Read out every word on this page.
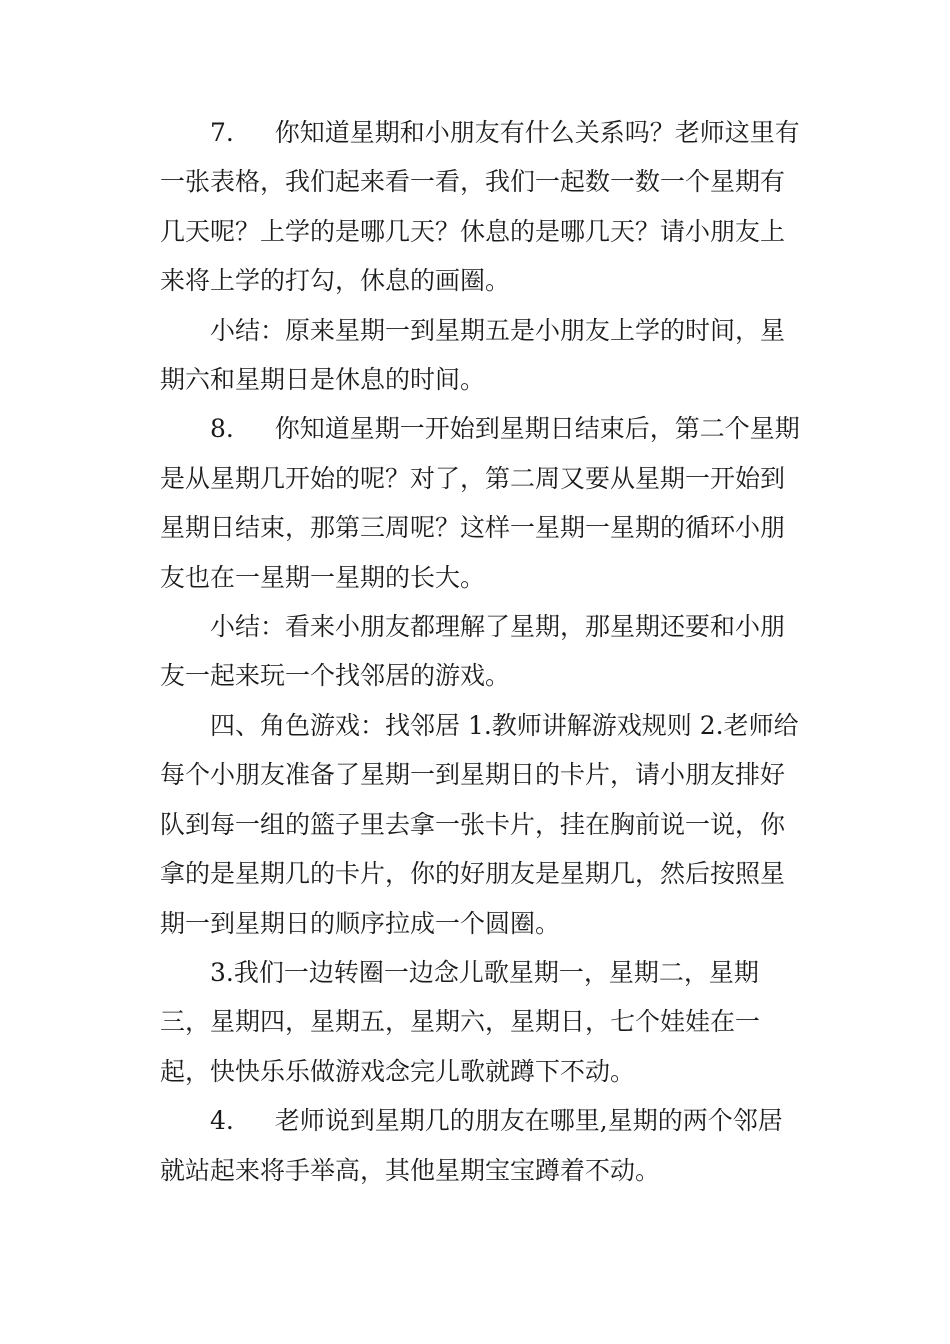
7.　  你知道星期和小朋友有什么关系吗？老师这里有一张表格，我们起来看一看，我们一起数一数一个星期有几天呢？上学的是哪几天？休息的是哪几天？请小朋友上来将上学的打勾，休息的画圈。

小结：原来星期一到星期五是小朋友上学的时间，星期六和星期日是休息的时间。

8.　  你知道星期一开始到星期日结束后，第二个星期是从星期几开始的呢？对了，第二周又要从星期一开始到星期日结束，那第三周呢？这样一星期一星期的循环小朋友也在一星期一星期的长大。

小结：看来小朋友都理解了星期，那星期还要和小朋友一起来玩一个找邻居的游戏。

四、角色游戏：找邻居 1.教师讲解游戏规则 2.老师给每个小朋友准备了星期一到星期日的卡片，请小朋友排好队到每一组的篮子里去拿一张卡片，挂在胸前说一说，你拿的是星期几的卡片，你的好朋友是星期几，然后按照星期一到星期日的顺序拉成一个圆圈。

3.我们一边转圈一边念儿歌星期一，星期二，星期三，星期四，星期五，星期六，星期日，七个娃娃在一起，快快乐乐做游戏念完儿歌就蹲下不动。

4.　  老师说到星期几的朋友在哪里,星期的两个邻居就站起来将手举高，其他星期宝宝蹲着不动。
